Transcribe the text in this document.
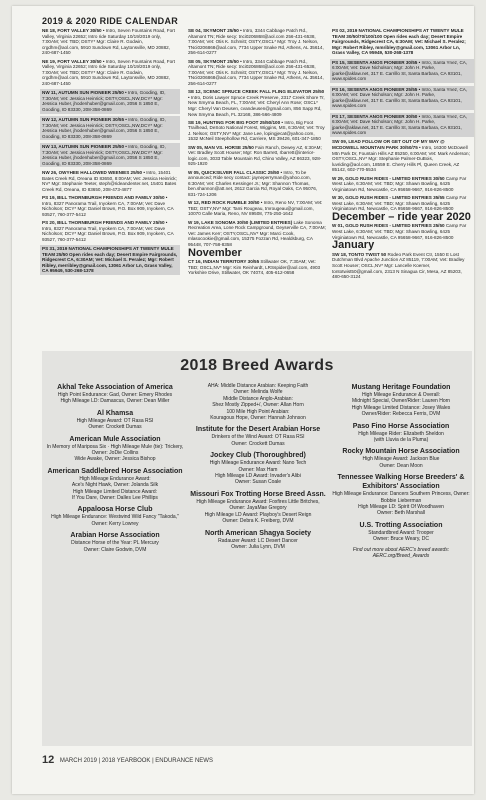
2019 & 2020 RIDE CALENDAR
NE 18, FORT VALLEY 30/50 • Intro, Seven Fountains Road, Fort Valley, Virginia 22652; Intro ride Saturday 10/19/2019 only, 7:00AM; Vet: TBD; DSTY* Mgr: Claire R. Godwin, crgdhm@aol.com, 5910 Sundown Rd, Laytonsville, MD 20882, 240-687-1450
NE 19, FORT VALLEY 30/50 • Intro, Seven Fountains Road, Fort Valley, Virginia 22652; Intro ride Saturday 10/19/2019 only, 7:00AM; Vet: TBD; DSTY* Mgr: Claire R. Godwin, crgdhm@aol.com, 5910 Sundown Rd, Laytonsville, MD 20882, 240-687-1450
NW 11, AUTUMN SUN PIONEER 25/50 • Intro, Gooding, ID, 7:30AM; Vet: Jessica Heinrick; DSTY,OSCL,NW,DCY* Mgr: Jessica Huber, jhodenhuber@gmail.com, 2056 S 1850 E, Gooding, ID 83330, 208-358-0869
NW 12, AUTUMN SUN PIONEER 30/55 • Intro, Gooding, ID, 7:30AM; Vet: Jessica Heinrick; DSTY,OSCL,NW,DCY* Mgr: Jessica Huber, jhodenhuber@gmail.com, 2056 S 1850 E, Gooding, ID 83330, 208-358-0869
NW 13, AUTUMN SUN PIONEER 25/50 • Intro, Gooding, ID, 7:30AM; Vet: Jessica Heinrick; DSTY,OSCL,NW,DCY* Mgr: Jessica Huber, jhodenhuber@gmail.com, 2056 S 1850 E, Gooding, ID 83330, 208-358-0869
NW 26, OWYHEE HALLOWED WEENIES 25/50 • Intro, 15401 Bates Creek Rd, Oreana ID 83650, 8:00AM; Vet: Jessica Heinrick; NV* Mgr: Stephanie Teeter, steph@rideandenter.net, 15401 Bates Creek Rd, Oreana, ID 83650, 208-473-4877
PS 19, BILL THORNBURGH FRIENDS AND FAMILY 30/50 • Intro, 8327 Panorama Trail, Inyokern CA, 7:00AM; Vet: Dave Nicholson; DCY* Mgr: Daniel Brown, P.O. Box 909, Inyokern, CA 93527, 760-377-5412
PS 20, BILL THORNBURGH FRIENDS AND FAMILY 25/50 • Intro, 8327 Panorama Trail, Inyokern CA, 7:00AM; Vet: Dave Nicholson; DCY* Mgr: Daniel Brown, P.O. Box 909, Inyokern, CA 93527, 760-377-5412
PS 31, 2019 NATIONAL CHAMPIONSHIPS AT TWENTY MULE TEAM 25/50 Open rides each day; Desert Empire Fairgrounds, Ridgecrest CA, 6:30AM; Vet: Michael S. Peralez; Mgr: Robert Ribley, merribley@gmail.com, 13061 Arbor Ln, Grass Valley, CA 95949, 530-268-1378
SE 04, SKYMONT 25/50 • Intro, 3344 Cabbage Patch Rd., Altamont TN; Ride secy: tnci0206868@aol.com 256-431-6538, 7:00AM; Vet: Otis K. Schmitt; OSTY,OSCL* Mgr: Troy J. Nelson, TNci0206868@aol.com, 7734 Upper Snake Rd, Athens, AL 35614, 256-614-0277
SE 05, SKYMONT 25/50 • Intro, 3344 Cabbage Patch Rd., Altamont TN; Ride secy: tnci0206868@aol.com 256-431-6538, 7:00AM; Vet: Otis K. Schmitt; OSTY,OSCL* Mgr: Troy J. Nelson, TNci0206868@aol.com, 7734 Upper Snake Rd, Athens, AL 35614, 256-614-0277
SE 12, SCENIC SPRUCE CREEK FALL FLING ELEVATOR 25/50 • Intro, Doris Lawyer Spruce Creek Preserve, 2317 Creek Shore Tr, New Smyrna Beach, FL, 7:00AM; Vet: Cheryl Ann Rose; OSCL* Mgr: Cheryl Van Deusen, cvandeusen@gmail.com, 856 Sapp Rd, New Smyrna Beach, FL 32168, 386-566-4809
SE 19, HUNTING FOR BIG FOOT 25/50/100 • Intro, Big Foot Trailhead, DeSoto National Forest, Wiggins, MS, 6:30AM; Vet: Troy J. Nelson; OSTY,NV* Mgr: Jane Lee, lopingjecat@yahoo.com, 1532 McNeil Steephollow Rd, Carriere, MS 39426, 601-347-1850
SW 05, MAN VS. HORSE 25/50 Fain Ranch, Dewey AZ, 6:30AM; Vet: Bradley Scott Houser; Mgr: Ron Barrett, rbarrett@interior-logic.com, 3033 Table Mountain Rd, Chino Valley, AZ 86323, 928-925-1920
W 05, QUICKSILVER FALL CLASSIC 25/50 • Intro, To be announced; Ride secy contact: jayneperryman@yahoo.com, 6:30AM; Vet: Charles Kessinger Jr.; Mgr: Shannon Thomas, ben.shannon@att.net, 2612 Garcia Rd, Royal Oaks, CA 95076, 831-724-1206
W 12, RED ROCK RUMBLE 30/50 • Intro, Reno NV, 7:00AM; Vet: TBD; OSTY,NV* Mgr: Tami Rougeau, tmrougeau@gmail.com, 10070 Calle Maria, Reno, NV 89508, 775-250-1642
W 19, LAKE SONOMA 30/50 (LIMITED ENTRIES) Lake Sonoma Recreation Area, Lone Rock Campground, Geyserville CA, 7:00AM; Vet: James Kerr; OSTY,OSCL,NV* Mgr: Marci Cook, mlasocookie@gmail.com, 15375 Fozzan Rd, Healdsburg, CA 95448, 707-758-8358
November
CT 16, INDIAN TERRITORY 30/55 Stillwater OK, 7:30AM; Vet: TBD; OSCL,NV* Mgr: Kim Reinhardt, LRSspider@aol.com, 4903 Yorkshire Drive, Stillwater, OK 74074, 405-612-0658
PS 02, 2019 NATIONAL CHAMPIONSHIPS AT TWENTY MULE TEAM 30/50/70/100/100 Open rides each day; Desert Empire Fairgrounds, Ridgecrest CA, 6:30AM; Vet: Michael S. Peralez; Mgr: Robert Ribley, mmribley@gmail.com, 13061 Arbor Ln, Grass Valley, CA 95949, 530-268-1378
PS 15, SESENTA ANOS PIONEER 30/55 • Intro, Santa Ynez, CA, 6:00AM; Vet: Dave Nicholson; Mgr: John H. Parke, jparke@aklaw.net, 317 E. Carrillo St, Santa Barbara, CA 93101, www.spides.com
PS 16, SESENTA ANOS PIONEER 25/55 • Intro, Santa Ynez, CA, 6:00AM; Vet: Dave Nicholson; Mgr: John H. Parke, jparke@aklaw.net, 317 E. Carrillo St, Santa Barbara, CA 93101, www.spides.com
PS 17, SESENTA ANOS PIONEER 30/50 • Intro, Santa Ynez, CA, 6:00AM; Vet: Dave Nicholson; Mgr: John H. Parke, jparke@aklaw.net, 317 E. Carrillo St, Santa Barbara, CA 93101, www.spides.com
SW 09, LEAD FOLLOW OR GET OUT OF MY WAY @ MCDOWELL MOUNTAIN PARK 30/50/75 • Intro, 16300 McDowell Mtn Park Dr, Fountain Hills AZ 85250, 6:00AM; Vet: Mark Anderson; OSTY,OSCL,NV* Mgr: Stephanie Palmer-DuBois, luvriding@aol.com, 18559 E. Cherry Hills Pl, Queen Creek, AZ 85142, 602-770-5534
W 29, GOLD RUSH RIDES - LIMITED ENTRIES 30/50 Camp Far West Lake, 6:30AM; Vet: TBD; Mgr: Shawn Bowling, 6425 Virginiatown Rd, Newcastle, CA 95658-9667, 916-826-8500
W 30, GOLD RUSH RIDES - LIMITED ENTRIES 35/55 Camp Far West Lake, 6:30AM; Vet: TBD; Mgr: Shawn Bowling, 6425 Virginiatown Rd, Newcastle, CA 95658-9667, 916-826-8500
December – ride year 2020
W 01, GOLD RUSH RIDES - LIMITED ENTRIES 25/50 Camp Far West Lake, 6:30AM; Vet: TBD; Mgr: Shawn Bowling, 6425 Virginiatown Rd, Newcastle, CA 95658-9667, 916-826-8500
January
SW 18, TONTO TWIST 50 Rodeo Park Event Ctr, 1550 E Lost Dutchman Blvd Apache Junction AZ 85119, 7:00AM; Vet: Bradley Scott Houser; OSCL,NV* Mgr: Lancelle Koemer, tontotwist50@gmail.com, 2313 N Sinagua Cir, Mesa, AZ 85203, 480-650-3124
2018 Breed Awards
Akhal Teke Association of America
High Point Endurance: Gad, Owner: Emery Rhodes
High Mileage LD: Damascus, Owner: Dean Miller
Al Khamsa
High Mileage Award: OT Rasa RSI
Owner: Crockett Dumas
American Mule Association
In Memory of Mariposa Six · High Mileage Mule (tie): Trickery, Owner: JoDie Collins
Wide Awake, Owner: Jessica Bishop
American Saddlebred Horse Association
High Mileage Endurance Award:
Ace's Night Hawk, Owner: Jolanda Silk
High Mileage Limited Distance Award:
If You Dare, Owner: Dalles Lee Phillips
Appaloosa Horse Club
High Mileage Endurance: Westwind Wild Fancy "Takoda," Owner: Kerry Lowrey
Arabian Horse Association
Distance Horse of the Year: PL Mercury
Owner: Claire Godwin, DVM
AHA: Middle Distance Arabian: Keeping Faith
Owner: Melinda Wolfe
Middle Distance Anglo-Arabian:
Shez Mostly Zipped+/, Owner: Allan Horn
100 Mile High Point Arabian:
Kouragous Hope, Owner: Hannah Johnson
Institute for the Desert Arabian Horse
Drinkers of the Wind Award: OT Rasa RSI
Owner: Crockett Dumas
Jockey Club (Thoroughbred)
High Mileage Endurance Award: Nano Tech
Owner: Max Ham
High Mileage LD Award: Invader's Alibi
Owner: Susan Coale
Missouri Fox Trotting Horse Breed Assn.
High Mileage Endurance Award: Foxfires Little Britches, Owner: JayaMae Gregory
High Mileage LD Award: Playboy's Desert Reign
Owner: Debra K. Freiberg, DVM
North American Shagya Society
Radauzer Award: LC Desert Dancer
Owner: Julia Lynn, DVM
Mustang Heritage Foundation
High Mileage Endurance & Overall:
Midnight Special, Owner/Rider: Lauren Horn
High Mileage Limited Distance: Josey Wales
Owner/Rider: Rebecca Ferris, DVM
Paso Fino Horse Association
High Mileage Rider: Elizabeth Sheldon
(with Lluvia de la Pluma)
Rocky Mountain Horse Association
High Mileage Award: Jackson Blue
Owner: Dean Moon
Tennessee Walking Horse Breeders' & Exhibitors' Association
High Mileage Endurance: Dancers Southern Princess, Owner: Bobbie Lieberman
High Mileage LD: Spirit Of Woodhaven
Owner: Beth Marshall
U.S. Trotting Association
Standardbred Award: Trooper
Owner: Bruce Weary, DC
Find out more about AERC's breed awards: AERC.org/Breed_Awards
12 MARCH 2019 | 2018 YEARBOOK | ENDURANCE NEWS
